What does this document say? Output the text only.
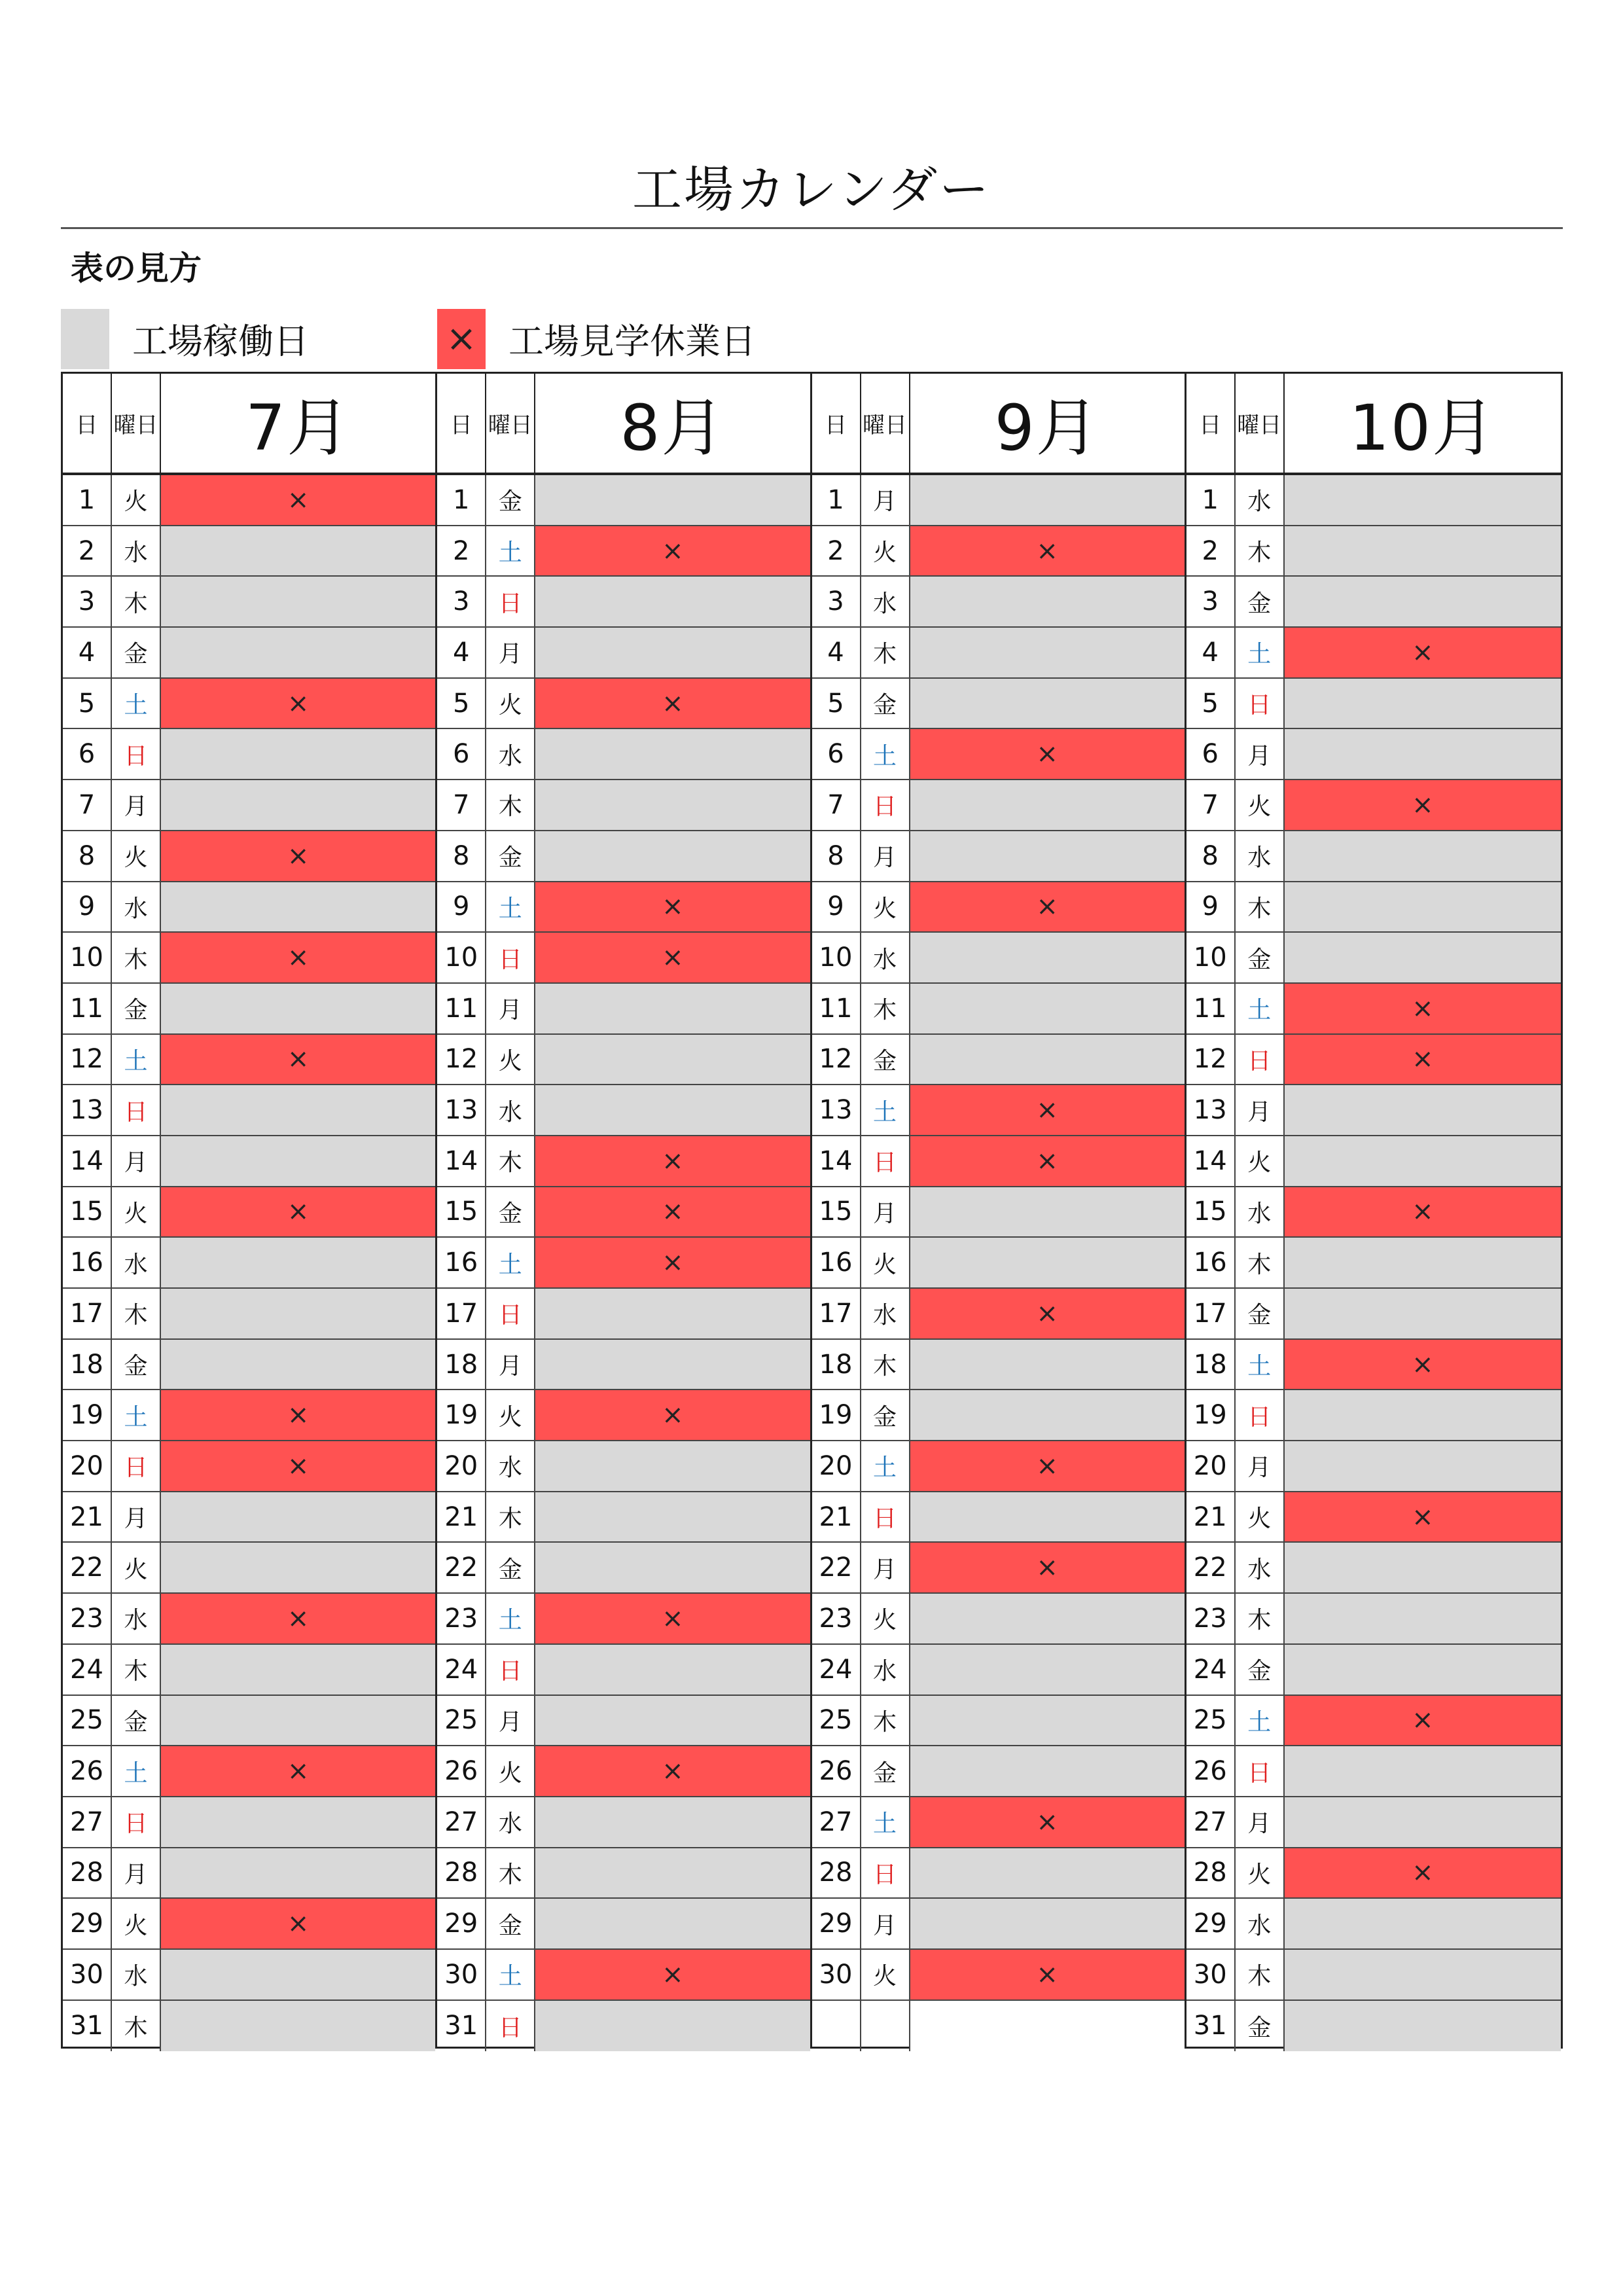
工場カレンダー
表の見方
工場稼働日	× 工場見学休業日
日 曜日	7月
1	火	×
2	水
3	木
4	金
5	土	×
6	日
7	月
8	火	×
9	水
10 木	×
11 金
12 土	×
13 日
14 月
15 火	×
16 水
17 木
18 金
19 土	×
20 日	×
21 月
22 火
23 水	×
24 木
25 金
26 土	×
27 日
28 月
29 火	×
30 水
31 木
日 曜日	8月
1	金
2	土	×
3	日
4	月
5	火	×
6	水
7	木
8	金
9	土	×
10 日	×
11 月
12 火
13 水
14 木	×
15 金	×
16 土	×
17 日
18 月
19 火	×
20 水
21 木
22 金
23 土	×
24 日
25 月
26 火	×
27 水
28 木
29 金
30 土	×
31 日
日 曜日	9月
1	月
2	火	×
3	水
4	木
5	金
6	土	×
7	日
8	月
9	火	×
10 水
11 木
12 金
13 土	×
14 日	×
15 月
16 火
17 水	×
18 木
19 金
20 土	×
21 日
22 月	×
23 火
24 水
25 木
26 金
27 土	×
28 日
29 月
30 火	×
日 曜日	10月
1	水
2	木
3	金
4	土	×
5	日
6	月
7	火	×
8	水
9	木
10 金
11 土	×
12 日	×
13 月
14 火
15 水	×
16 木
17 金
18 土	×
19 日
20 月
21 火	×
22 水
23 木
24 金
25 土	×
26 日
27 月
28 火	×
29 水
30 木
31 金
